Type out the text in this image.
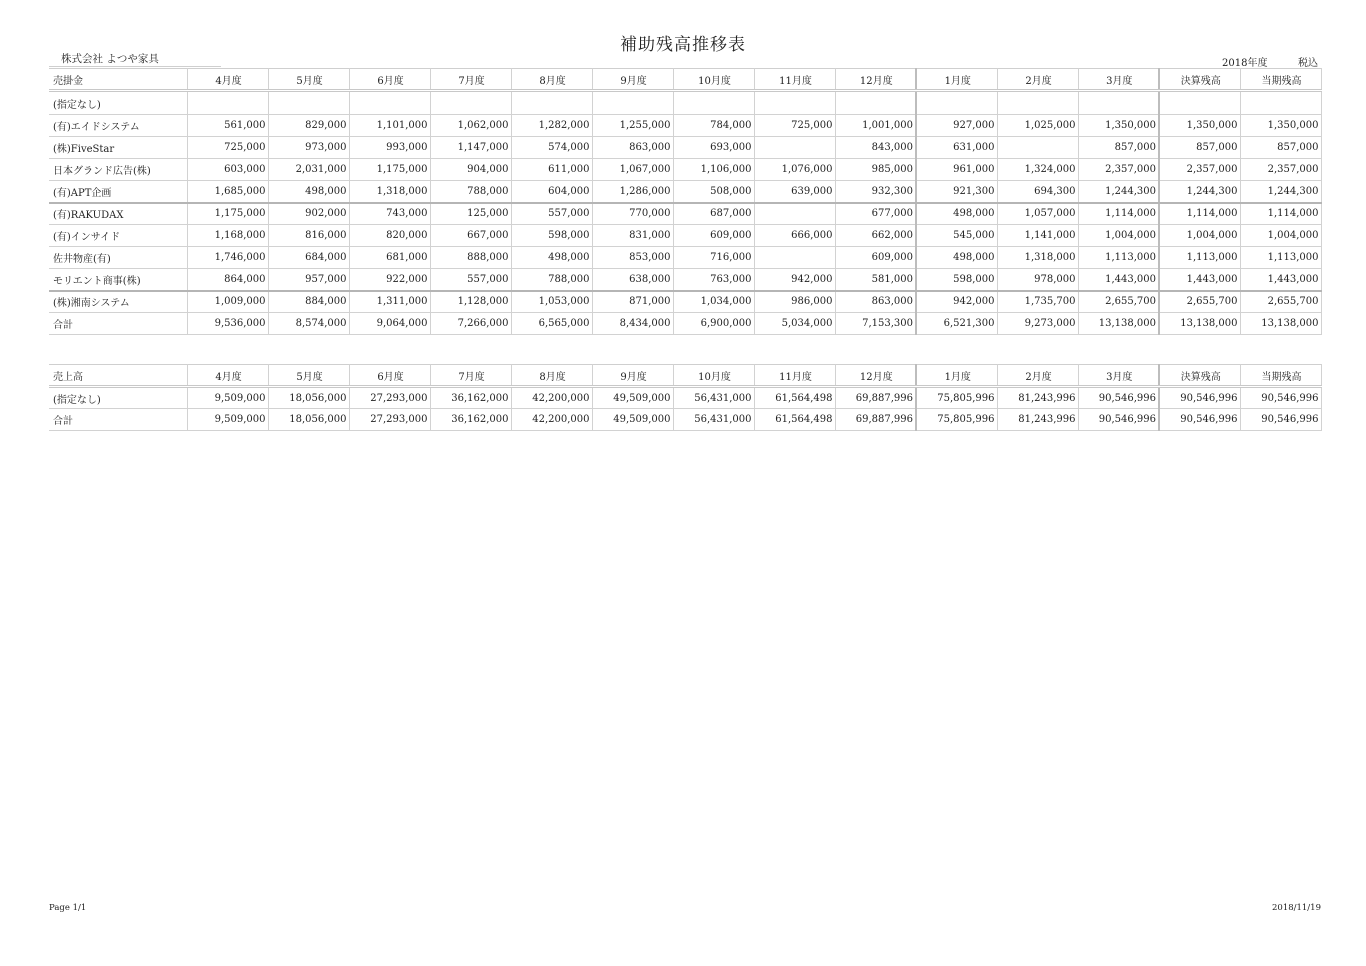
補助残高推移表
株式会社 よつや家具	2018年度	税込
売掛金	4月度	5月度	6月度	7月度	8月度	9月度	10月度	11月度	12月度	1月度	2月度	3月度	決算残高	当期残高
(指定なし)														
(有)エイドシステム	561,000	829,000	1,101,000	1,062,000	1,282,000	1,255,000	784,000	725,000	1,001,000	927,000	1,025,000	1,350,000	1,350,000	1,350,000
(株)FiveStar	725,000	973,000	993,000	1,147,000	574,000	863,000	693,000		843,000	631,000		857,000	857,000	857,000
日本グランド広告(株)	603,000	2,031,000	1,175,000	904,000	611,000	1,067,000	1,106,000	1,076,000	985,000	961,000	1,324,000	2,357,000	2,357,000	2,357,000
(有)APT企画	1,685,000	498,000	1,318,000	788,000	604,000	1,286,000	508,000	639,000	932,300	921,300	694,300	1,244,300	1,244,300	1,244,300
(有)RAKUDAX	1,175,000	902,000	743,000	125,000	557,000	770,000	687,000		677,000	498,000	1,057,000	1,114,000	1,114,000	1,114,000
(有)インサイド	1,168,000	816,000	820,000	667,000	598,000	831,000	609,000	666,000	662,000	545,000	1,141,000	1,004,000	1,004,000	1,004,000
佐井物産(有)	1,746,000	684,000	681,000	888,000	498,000	853,000	716,000		609,000	498,000	1,318,000	1,113,000	1,113,000	1,113,000
モリエント商事(株)	864,000	957,000	922,000	557,000	788,000	638,000	763,000	942,000	581,000	598,000	978,000	1,443,000	1,443,000	1,443,000
(株)湘南システム	1,009,000	884,000	1,311,000	1,128,000	1,053,000	871,000	1,034,000	986,000	863,000	942,000	1,735,700	2,655,700	2,655,700	2,655,700
合計	9,536,000	8,574,000	9,064,000	7,266,000	6,565,000	8,434,000	6,900,000	5,034,000	7,153,300	6,521,300	9,273,000	13,138,000	13,138,000	13,138,000
売上高	4月度	5月度	6月度	7月度	8月度	9月度	10月度	11月度	12月度	1月度	2月度	3月度	決算残高	当期残高
(指定なし)	9,509,000	18,056,000	27,293,000	36,162,000	42,200,000	49,509,000	56,431,000	61,564,498	69,887,996	75,805,996	81,243,996	90,546,996	90,546,996	90,546,996
合計	9,509,000	18,056,000	27,293,000	36,162,000	42,200,000	49,509,000	56,431,000	61,564,498	69,887,996	75,805,996	81,243,996	90,546,996	90,546,996	90,546,996
Page 1/1	2018/11/19
